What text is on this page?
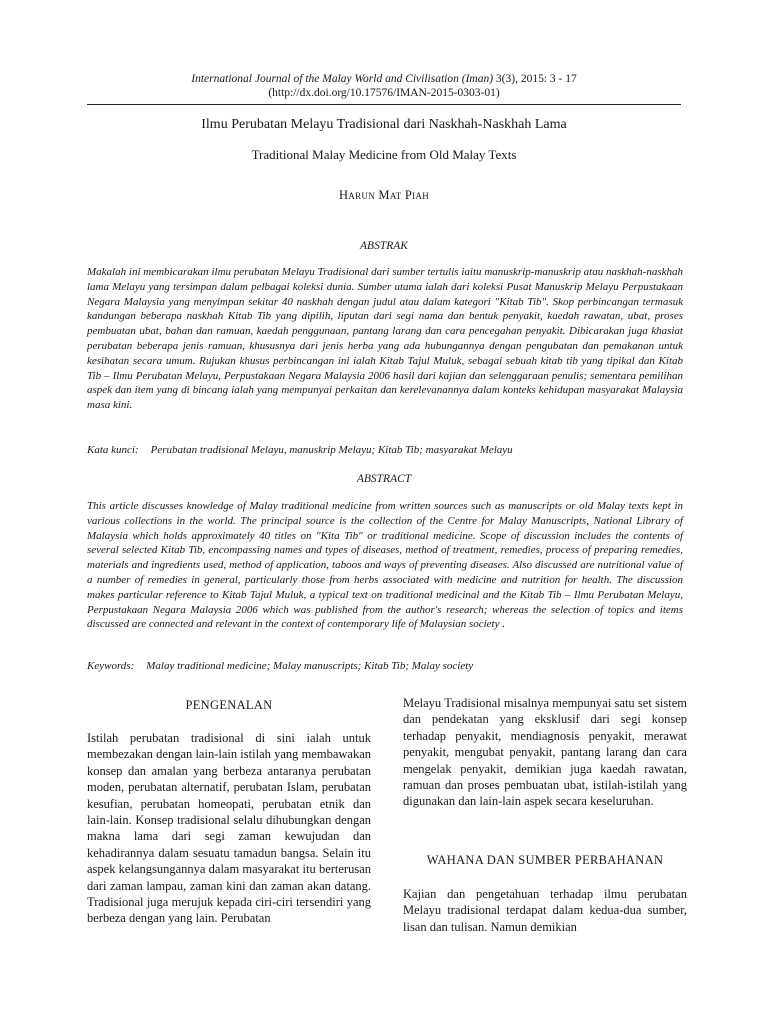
International Journal of the Malay World and Civilisation (Iman) 3(3), 2015: 3 - 17
(http://dx.doi.org/10.17576/IMAN-2015-0303-01)
Ilmu Perubatan Melayu Tradisional dari Naskhah-Naskhah Lama
Traditional Malay Medicine from Old Malay Texts
Harun Mat Piah
ABSTRAK
Makalah ini membicarakan ilmu perubatan Melayu Tradisional dari sumber tertulis iaitu manuskrip-manuskrip atau naskhah-naskhah lama Melayu yang tersimpan dalam pelbagai koleksi dunia. Sumber utama ialah dari koleksi Pusat Manuskrip Melayu Perpustakaan Negara Malaysia yang menyimpan sekitar 40 naskhah dengan judul atau dalam kategori "Kitab Tib". Skop perbincangan termasuk kandungan beberapa naskhah Kitab Tib yang dipilih, liputan dari segi nama dan bentuk penyakit, kaedah rawatan, ubat, proses pembuatan ubat, bahan dan ramuan, kaedah penggunaan, pantang larang dan cara pencegahan penyakit. Dibicarakan juga khasiat perubatan beberapa jenis ramuan, khususnya dari jenis herba yang ada hubungannya dengan pengubatan dan pemakanan untuk kesihatan secara umum. Rujukan khusus perbincangan ini ialah Kitab Tajul Muluk, sebagai sebuah kitab tib yang tipikal dan Kitab Tib – Ilmu Perubatan Melayu, Perpustakaan Negara Malaysia 2006 hasil dari kajian dan selenggaraan penulis; sementara pemilihan aspek dan item yang di bincang ialah yang mempunyai perkaitan dan kerelevanannya dalam konteks kehidupan masyarakat Malaysia masa kini.
Kata kunci: Perubatan tradisional Melayu, manuskrip Melayu; Kitab Tib; masyarakat Melayu
ABSTRACT
This article discusses knowledge of Malay traditional medicine from written sources such as manuscripts or old Malay texts kept in various collections in the world. The principal source is the collection of the Centre for Malay Manuscripts, National Library of Malaysia which holds approximately 40 titles on "Kita Tib" or traditional medicine. Scope of discussion includes the contents of several selected Kitab Tib, encompassing names and types of diseases, method of treatment, remedies, process of preparing remedies, materials and ingredients used, method of application, taboos and ways of preventing diseases. Also discussed are nutritional value of a number of remedies in general, particularly those from herbs associated with medicine and nutrition for health. The discussion makes particular reference to Kitab Tajul Muluk, a typical text on traditional medicinal and the Kitab Tib – Ilmu Perubatan Melayu, Perpustakaan Negara Malaysia 2006 which was published from the author's research; whereas the selection of topics and items discussed are connected and relevant in the context of contemporary life of Malaysian society .
Keywords: Malay traditional medicine; Malay manuscripts; Kitab Tib; Malay society
PENGENALAN
Istilah perubatan tradisional di sini ialah untuk membezakan dengan lain-lain istilah yang membawakan konsep dan amalan yang berbeza antaranya perubatan moden, perubatan alternatif, perubatan Islam, perubatan kesufian, perubatan homeopati, perubatan etnik dan lain-lain. Konsep tradisional selalu dihubungkan dengan makna lama dari segi zaman kewujudan dan kehadirannya dalam sesuatu tamadun bangsa. Selain itu aspek kelangsungannya dalam masyarakat itu berterusan dari zaman lampau, zaman kini dan zaman akan datang. Tradisional juga merujuk kepada ciri-ciri tersendiri yang berbeza dengan yang lain. Perubatan
Melayu Tradisional misalnya mempunyai satu set sistem dan pendekatan yang eksklusif dari segi konsep terhadap penyakit, mendiagnosis penyakit, merawat penyakit, mengubat penyakit, pantang larang dan cara mengelak penyakit, demikian juga kaedah rawatan, ramuan dan proses pembuatan ubat, istilah-istilah yang digunakan dan lain-lain aspek secara keseluruhan.
WAHANA DAN SUMBER PERBAHANAN
Kajian dan pengetahuan terhadap ilmu perubatan Melayu tradisional terdapat dalam kedua-dua sumber, lisan dan tulisan. Namun demikian
